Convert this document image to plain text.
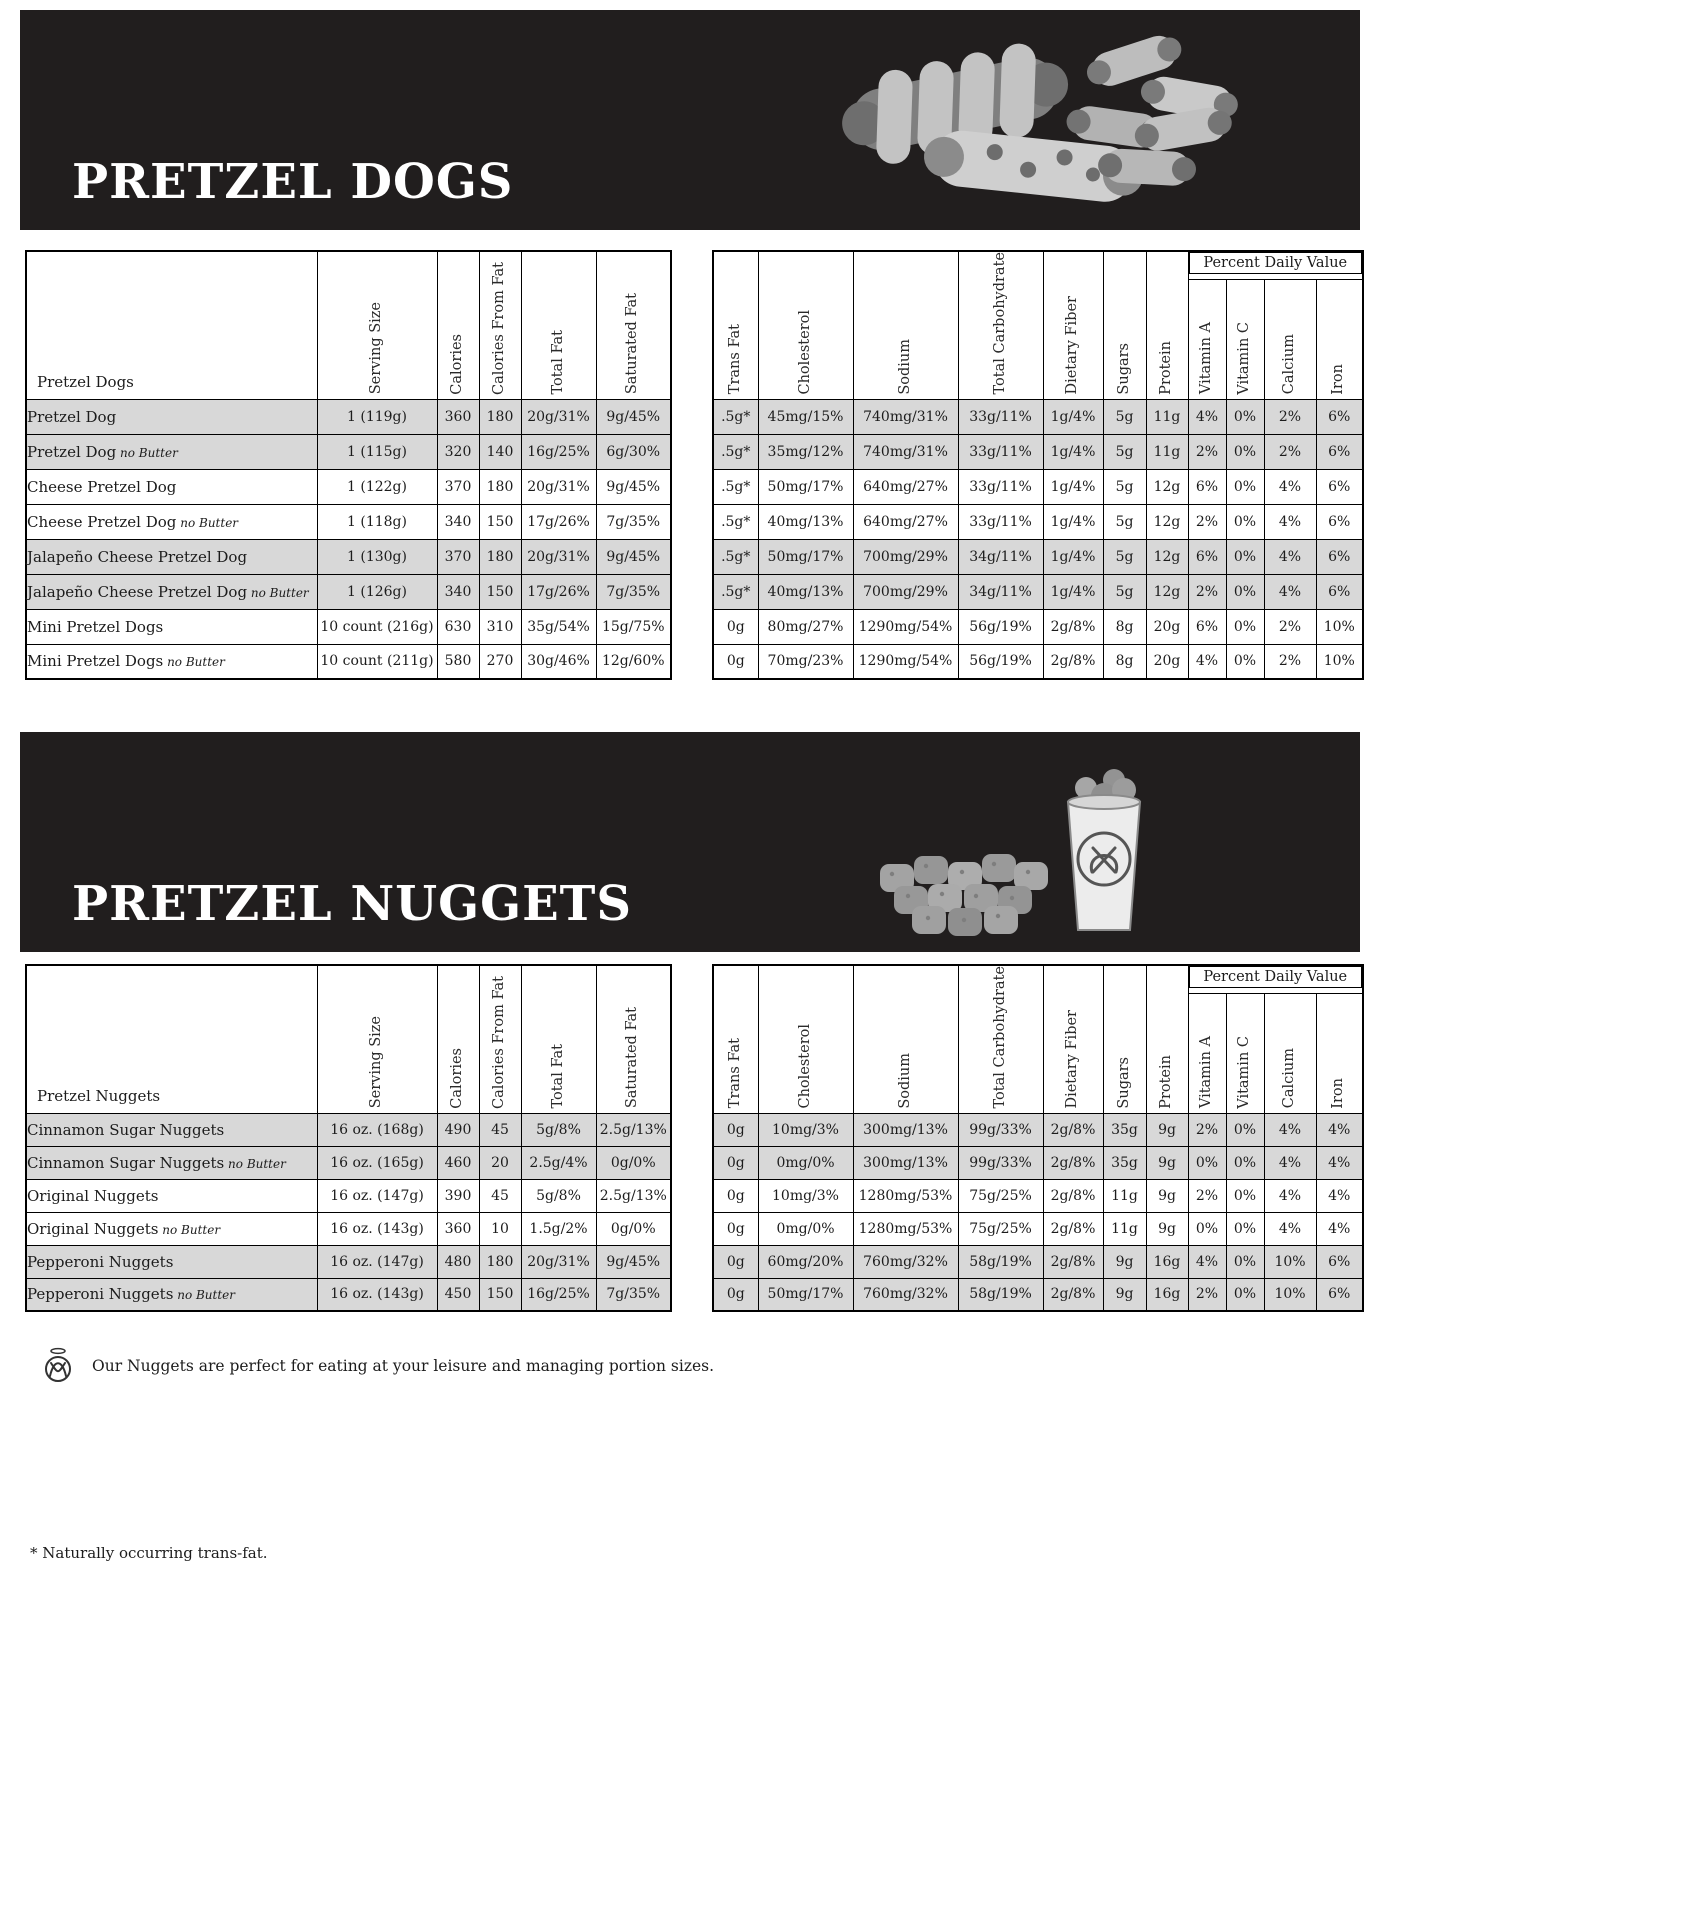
PRETZEL DOGS
Pretzel Dogs	Serving Size	Calories	Calories From Fat	Total Fat	Saturated Fat
Pretzel Dog	1 (119g)	360	180	20g/31%	9g/45%
Pretzel Dog no Butter	1 (115g)	320	140	16g/25%	6g/30%
Cheese Pretzel Dog	1 (122g)	370	180	20g/31%	9g/45%
Cheese Pretzel Dog no Butter	1 (118g)	340	150	17g/26%	7g/35%
Jalapeño Cheese Pretzel Dog	1 (130g)	370	180	20g/31%	9g/45%
Jalapeño Cheese Pretzel Dog no Butter	1 (126g)	340	150	17g/26%	7g/35%
Mini Pretzel Dogs	10 count (216g)	630	310	35g/54%	15g/75%
Mini Pretzel Dogs no Butter	10 count (211g)	580	270	30g/46%	12g/60%
Trans Fat	Cholesterol	Sodium	Total Carbohydrate	Dietary Fiber	Sugars	Protein	Percent Daily Value			

							Vitamin A	Vitamin C	Calcium	Iron
.5g*	45mg/15%	740mg/31%	33g/11%	1g/4%	5g	11g	4%	0%	2%	6%
.5g*	35mg/12%	740mg/31%	33g/11%	1g/4%	5g	11g	2%	0%	2%	6%
.5g*	50mg/17%	640mg/27%	33g/11%	1g/4%	5g	12g	6%	0%	4%	6%
.5g*	40mg/13%	640mg/27%	33g/11%	1g/4%	5g	12g	2%	0%	4%	6%
.5g*	50mg/17%	700mg/29%	34g/11%	1g/4%	5g	12g	6%	0%	4%	6%
.5g*	40mg/13%	700mg/29%	34g/11%	1g/4%	5g	12g	2%	0%	4%	6%
0g	80mg/27%	1290mg/54%	56g/19%	2g/8%	8g	20g	6%	0%	2%	10%
0g	70mg/23%	1290mg/54%	56g/19%	2g/8%	8g	20g	4%	0%	2%	10%
PRETZEL NUGGETS
Pretzel Nuggets	Serving Size	Calories	Calories From Fat	Total Fat	Saturated Fat
Cinnamon Sugar Nuggets	16 oz. (168g)	490	45	5g/8%	2.5g/13%
Cinnamon Sugar Nuggets no Butter	16 oz. (165g)	460	20	2.5g/4%	0g/0%
Original Nuggets	16 oz. (147g)	390	45	5g/8%	2.5g/13%
Original Nuggets no Butter	16 oz. (143g)	360	10	1.5g/2%	0g/0%
Pepperoni Nuggets	16 oz. (147g)	480	180	20g/31%	9g/45%
Pepperoni Nuggets no Butter	16 oz. (143g)	450	150	16g/25%	7g/35%
Trans Fat	Cholesterol	Sodium	Total Carbohydrate	Dietary Fiber	Sugars	Protein	Percent Daily Value			

							Vitamin A	Vitamin C	Calcium	Iron
0g	10mg/3%	300mg/13%	99g/33%	2g/8%	35g	9g	2%	0%	4%	4%
0g	0mg/0%	300mg/13%	99g/33%	2g/8%	35g	9g	0%	0%	4%	4%
0g	10mg/3%	1280mg/53%	75g/25%	2g/8%	11g	9g	2%	0%	4%	4%
0g	0mg/0%	1280mg/53%	75g/25%	2g/8%	11g	9g	0%	0%	4%	4%
0g	60mg/20%	760mg/32%	58g/19%	2g/8%	9g	16g	4%	0%	10%	6%
0g	50mg/17%	760mg/32%	58g/19%	2g/8%	9g	16g	2%	0%	10%	6%
Our Nuggets are perfect for eating at your leisure and managing portion sizes.
* Naturally occurring trans-fat.
